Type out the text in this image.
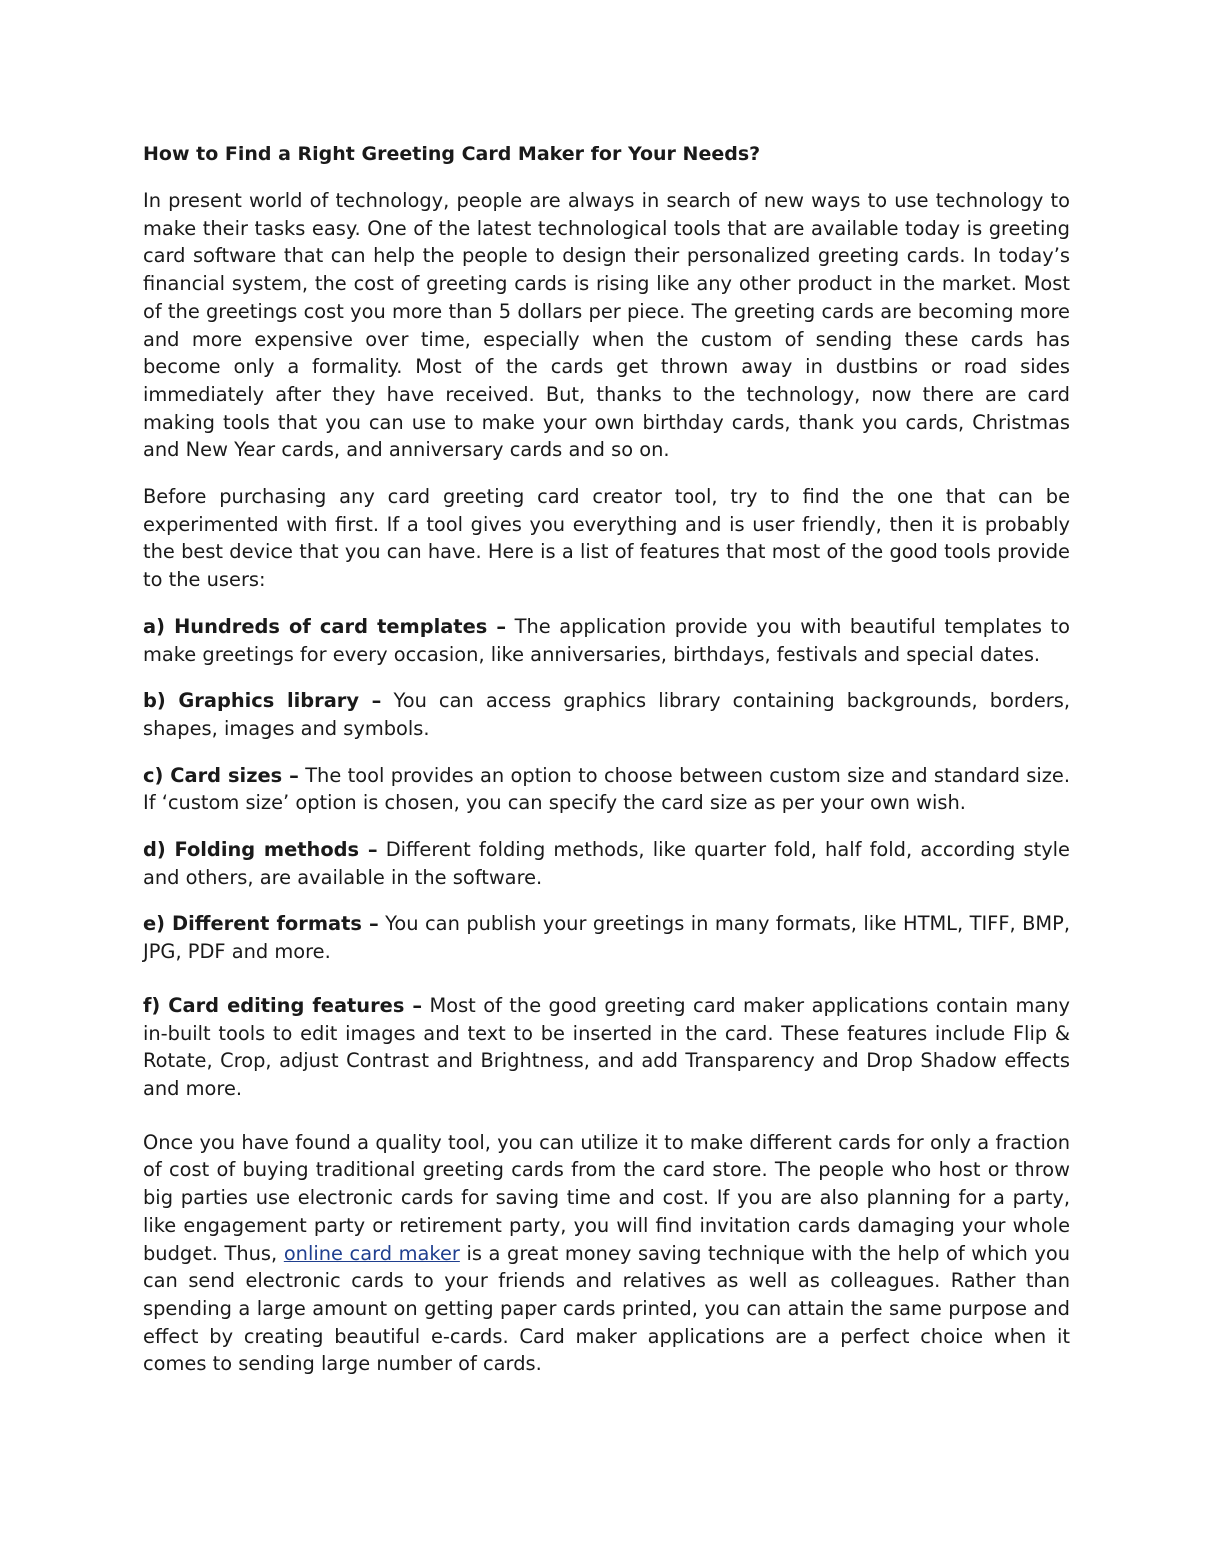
How to Find a Right Greeting Card Maker for Your Needs?

In present world of technology, people are always in search of new ways to use technology to make their tasks easy. One of the latest technological tools that are available today is greeting card software that can help the people to design their personalized greeting cards. In today’s financial system, the cost of greeting cards is rising like any other product in the market. Most of the greetings cost you more than 5 dollars per piece. The greeting cards are becoming more and more expensive over time, especially when the custom of sending these cards has become only a formality. Most of the cards get thrown away in dustbins or road sides immediately after they have received. But, thanks to the technology, now there are card making tools that you can use to make your own birthday cards, thank you cards, Christmas and New Year cards, and anniversary cards and so on.

Before purchasing any card greeting card creator tool, try to find the one that can be experimented with first. If a tool gives you everything and is user friendly, then it is probably the best device that you can have. Here is a list of features that most of the good tools provide to the users:

a) Hundreds of card templates – The application provide you with beautiful templates to make greetings for every occasion, like anniversaries, birthdays, festivals and special dates.

b) Graphics library – You can access graphics library containing backgrounds, borders, shapes, images and symbols.

c) Card sizes – The tool provides an option to choose between custom size and standard size. If ‘custom size’ option is chosen, you can specify the card size as per your own wish.

d) Folding methods – Different folding methods, like quarter fold, half fold, according style and others, are available in the software.

e) Different formats – You can publish your greetings in many formats, like HTML, TIFF, BMP, JPG, PDF and more.

f) Card editing features – Most of the good greeting card maker applications contain many in-built tools to edit images and text to be inserted in the card. These features include Flip & Rotate, Crop, adjust Contrast and Brightness, and add Transparency and Drop Shadow effects and more.

Once you have found a quality tool, you can utilize it to make different cards for only a fraction of cost of buying traditional greeting cards from the card store. The people who host or throw big parties use electronic cards for saving time and cost. If you are also planning for a party, like engagement party or retirement party, you will find invitation cards damaging your whole budget. Thus, online card maker is a great money saving technique with the help of which you can send electronic cards to your friends and relatives as well as colleagues. Rather than spending a large amount on getting paper cards printed, you can attain the same purpose and effect by creating beautiful e-cards. Card maker applications are a perfect choice when it comes to sending large number of cards.
